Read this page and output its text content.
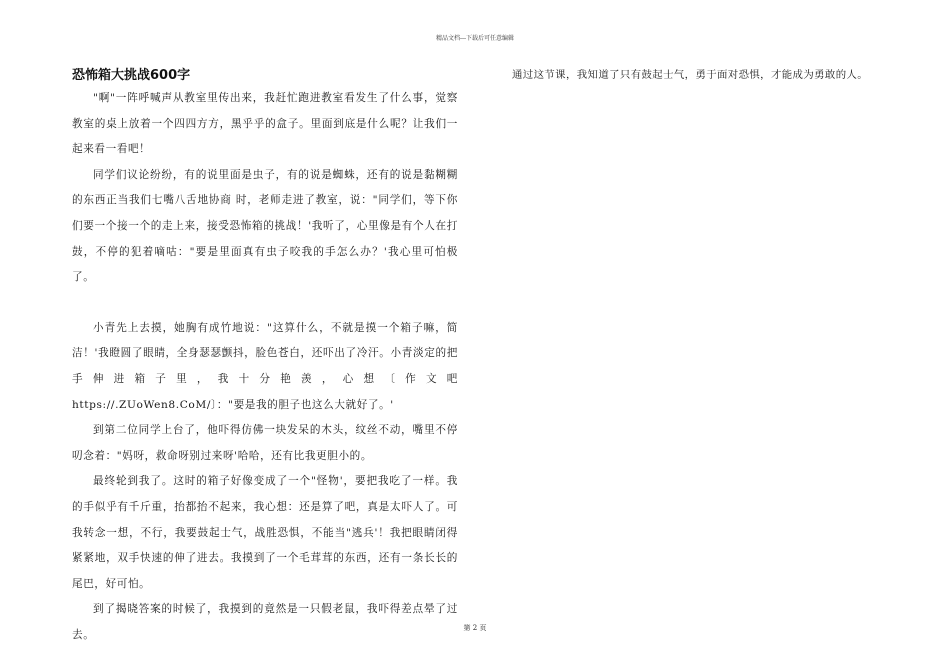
精品文档---下载后可任意编辑
恐怖箱大挑战600字

"啊"一阵呼喊声从教室里传出来，我赶忙跑进教室看发生了什么事，觉察教室的桌上放着一个四四方方，黑乎乎的盒子。里面到底是什么呢？让我们一起来看一看吧！

同学们议论纷纷，有的说里面是虫子，有的说是蜘蛛，还有的说是黏糊糊的东西正当我们七嘴八舌地协商 时，老师走进了教室，说："同学们，等下你们要一个接一个的走上来，接受恐怖箱的挑战！'我听了，心里像是有个人在打鼓，不停的犯着嘀咕："要是里面真有虫子咬我的手怎么办？'我心里可怕极了。

小青先上去摸，她胸有成竹地说："这算什么，不就是摸一个箱子嘛，简洁！'我瞪圆了眼睛，全身瑟瑟颤抖，脸色苍白，还吓出了冷汗。小青淡定的把手伸进箱子里，我十分艳羡，心想〔作文吧 https://.ZUoWen8.CoM/〕："要是我的胆子也这么大就好了。'

到第二位同学上台了，他吓得仿佛一块发呆的木头，纹丝不动，嘴里不停叨念着："妈呀，救命呀别过来呀'哈哈，还有比我更胆小的。

最终轮到我了。这时的箱子好像变成了一个"怪物'，要把我吃了一样。我的手似乎有千斤重，抬都抬不起来，我心想：还是算了吧，真是太吓人了。可我转念一想，不行，我要鼓起士气，战胜恐惧，不能当"逃兵'！我把眼睛闭得紧紧地，双手快速的伸了进去。我摸到了一个毛茸茸的东西，还有一条长长的尾巴，好可怕。

到了揭晓答案的时候了，我摸到的竟然是一只假老鼠，我吓得差点晕了过去。

通过这节课，我知道了只有鼓起士气，勇于面对恐惧，才能成为勇敢的人。

第 2 页
